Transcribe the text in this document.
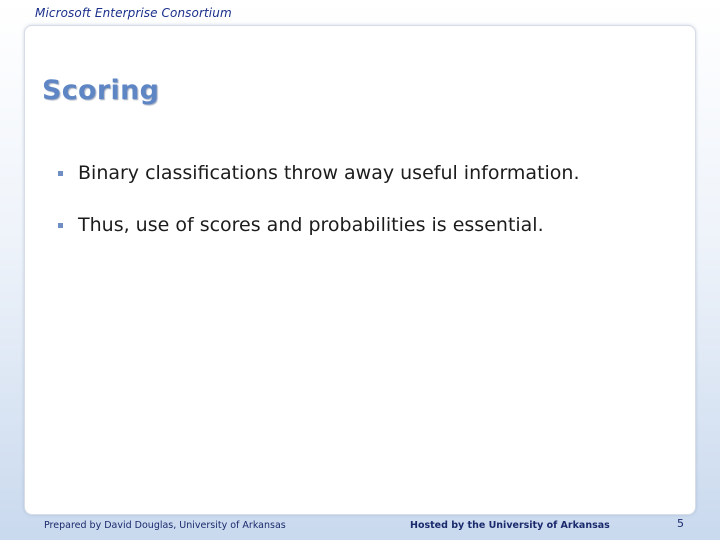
Microsoft Enterprise Consortium
Scoring
Binary classifications throw away useful information.
Thus, use of scores and probabilities is essential.
Prepared by David Douglas, University of Arkansas	Hosted by the University of Arkansas	5
